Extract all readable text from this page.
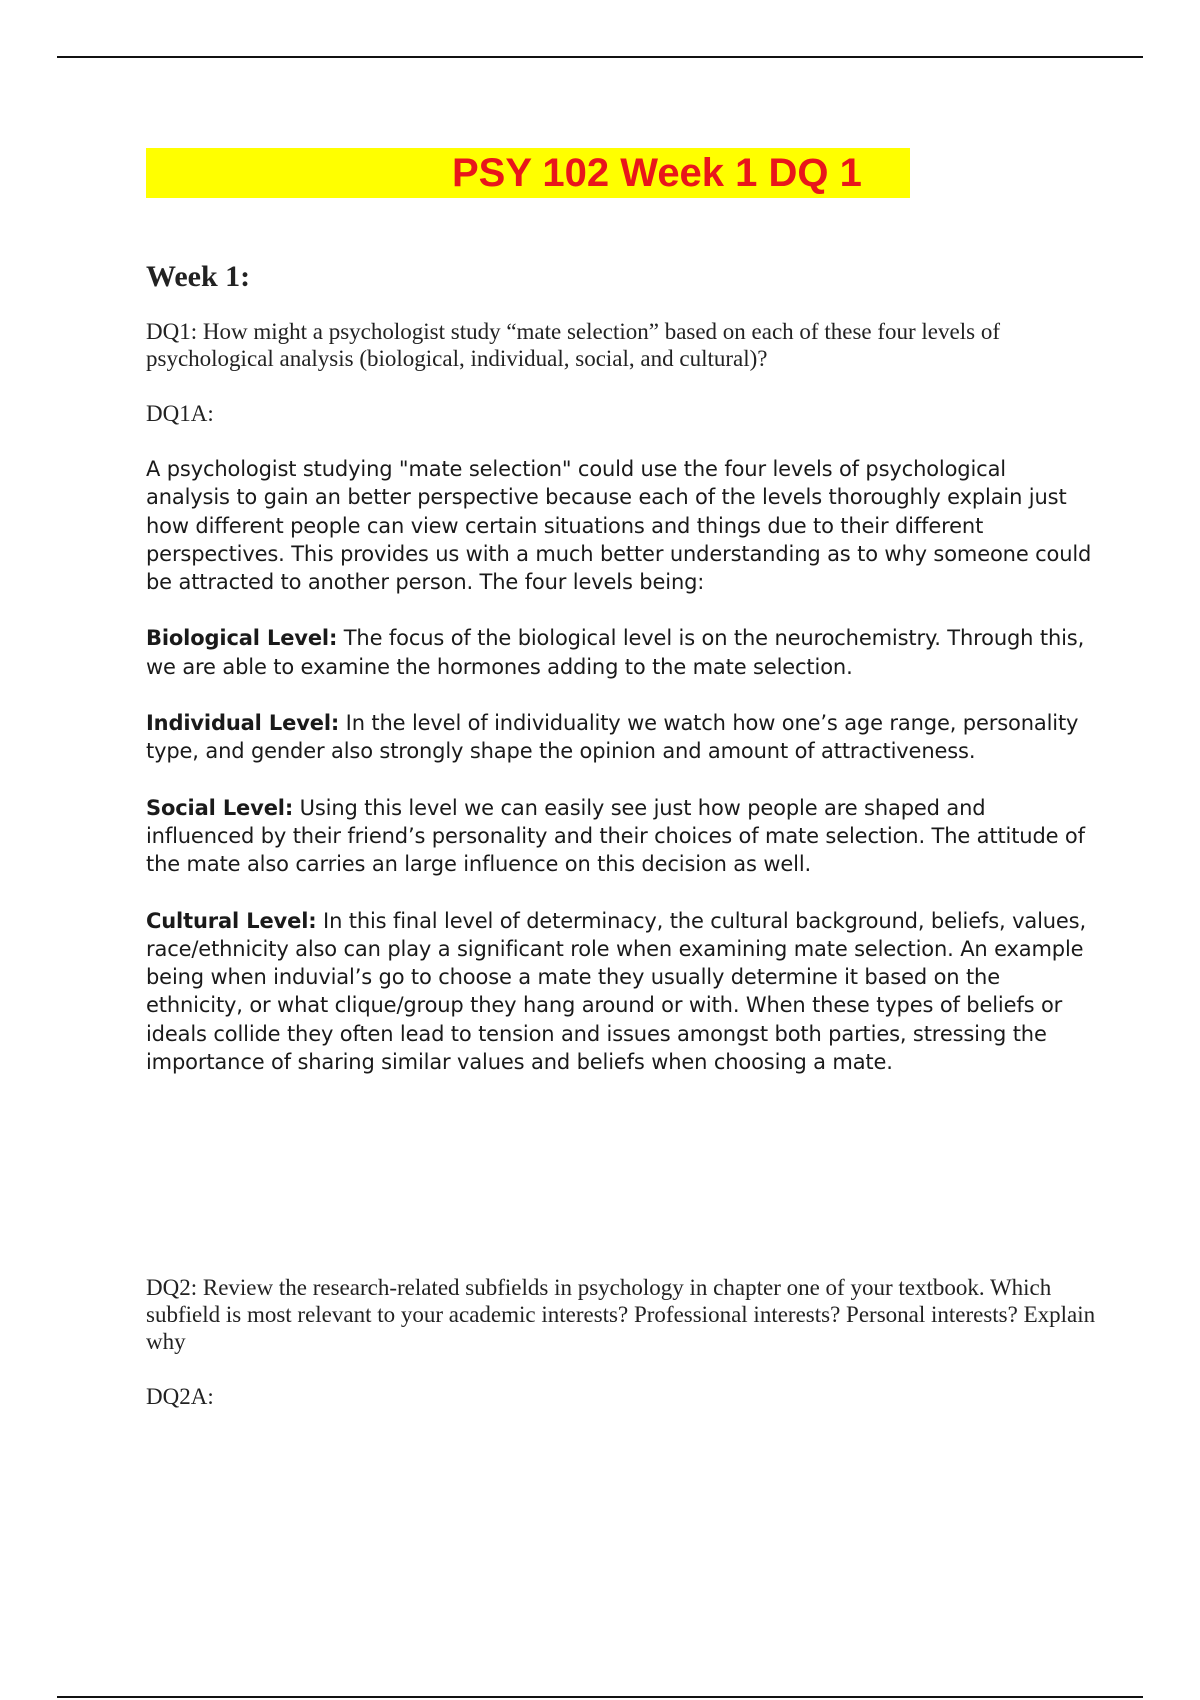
PSY 102 Week 1 DQ 1
Week 1:

DQ1: How might a psychologist study “mate selection” based on each of these four levels of psychological analysis (biological, individual, social, and cultural)?

DQ1A:

A psychologist studying "mate selection" could use the four levels of psychological analysis to gain an better perspective because each of the levels thoroughly explain just how different people can view certain situations and things due to their different perspectives. This provides us with a much better understanding as to why someone could be attracted to another person. The four levels being:

Biological Level: The focus of the biological level is on the neurochemistry. Through this, we are able to examine the hormones adding to the mate selection.

Individual Level: In the level of individuality we watch how one’s age range, personality type, and gender also strongly shape the opinion and amount of attractiveness.

Social Level: Using this level we can easily see just how people are shaped and influenced by their friend’s personality and their choices of mate selection. The attitude of the mate also carries an large influence on this decision as well.

Cultural Level: In this final level of determinacy, the cultural background, beliefs, values, race/ethnicity also can play a significant role when examining mate selection. An example being when induvial’s go to choose a mate they usually determine it based on the ethnicity, or what clique/group they hang around or with. When these types of beliefs or ideals collide they often lead to tension and issues amongst both parties, stressing the importance of sharing similar values and beliefs when choosing a mate.

DQ2: Review the research-related subfields in psychology in chapter one of your textbook. Which subfield is most relevant to your academic interests? Professional interests? Personal interests? Explain why

DQ2A:
